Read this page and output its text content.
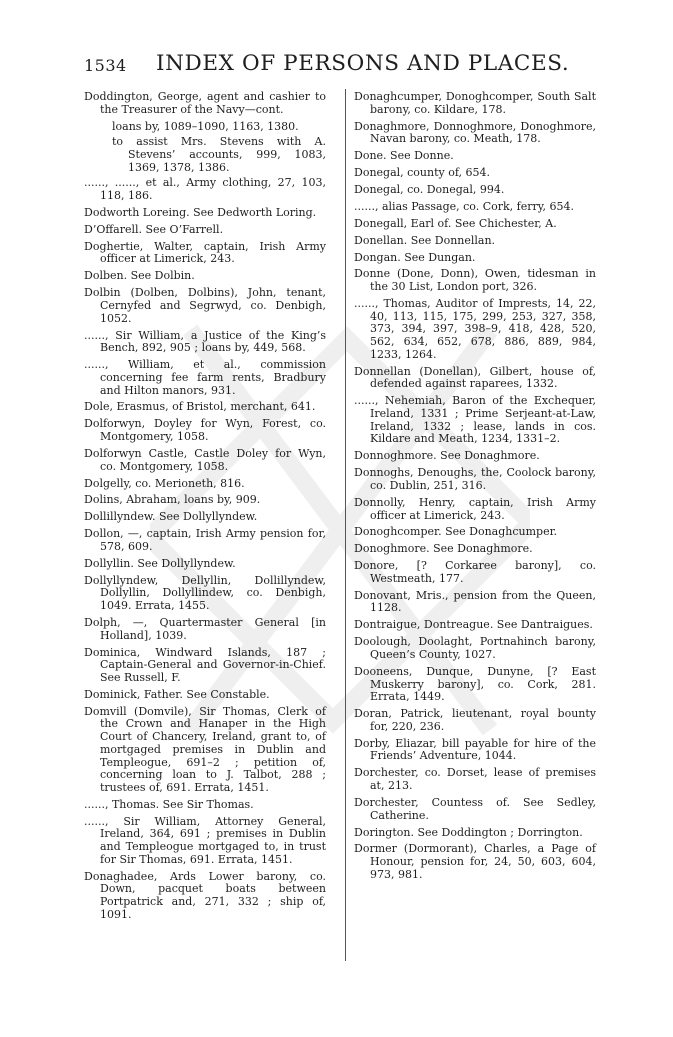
1534 INDEX OF PERSONS AND PLACES.
Doddington, George, agent and cashier to the Treasurer of the Navy—cont.
loans by, 1089–1090, 1163, 1380.
to assist Mrs. Stevens with A. Stevens’ accounts, 999, 1083, 1369, 1378, 1386.
......, ......, et al., Army clothing, 27, 103, 118, 186.
Dodworth Loreing. See Dedworth Loring.
D’Offarell. See O’Farrell.
Doghertie, Walter, captain, Irish Army officer at Limerick, 243.
Dolben. See Dolbin.
Dolbin (Dolben, Dolbins), John, tenant, Cernyfed and Segrwyd, co. Denbigh, 1052.
......, Sir William, a Justice of the King’s Bench, 892, 905 ; loans by, 449, 568.
......, William, et al., commission concerning fee farm rents, Bradbury and Hilton manors, 931.
Dole, Erasmus, of Bristol, merchant, 641.
Dolforwyn, Doyley for Wyn, Forest, co. Montgomery, 1058.
Dolforwyn Castle, Castle Doley for Wyn, co. Montgomery, 1058.
Dolgelly, co. Merioneth, 816.
Dolins, Abraham, loans by, 909.
Dollillyndew. See Dollyllyndew.
Dollon, —, captain, Irish Army pension for, 578, 609.
Dollyllin. See Dollyllyndew.
Dollyllyndew, Dellyllin, Dollillyndew, Dollyllin, Dollyllindew, co. Denbigh, 1049. Errata, 1455.
Dolph, —, Quartermaster General [in Holland], 1039.
Dominica, Windward Islands, 187 ; Captain-General and Governor-in-Chief. See Russell, F.
Dominick, Father. See Constable.
Domvill (Domvile), Sir Thomas, Clerk of the Crown and Hanaper in the High Court of Chancery, Ireland, grant to, of mortgaged premises in Dublin and Templeogue, 691–2 ; petition of, concerning loan to J. Talbot, 288 ; trustees of, 691. Errata, 1451.
......, Thomas. See Sir Thomas.
......, Sir William, Attorney General, Ireland, 364, 691 ; premises in Dublin and Templeogue mortgaged to, in trust for Sir Thomas, 691. Errata, 1451.
Donaghadee, Ards Lower barony, co. Down, pacquet boats between Portpatrick and, 271, 332 ; ship of, 1091.
Donaghcumper, Donoghcomper, South Salt barony, co. Kildare, 178.
Donaghmore, Donnoghmore, Donoghmore, Navan barony, co. Meath, 178.
Done. See Donne.
Donegal, county of, 654.
Donegal, co. Donegal, 994.
......, alias Passage, co. Cork, ferry, 654.
Donegall, Earl of. See Chichester, A.
Donellan. See Donnellan.
Dongan. See Dungan.
Donne (Done, Donn), Owen, tidesman in the 30 List, London port, 326.
......, Thomas, Auditor of Imprests, 14, 22, 40, 113, 115, 175, 299, 253, 327, 358, 373, 394, 397, 398–9, 418, 428, 520, 562, 634, 652, 678, 886, 889, 984, 1233, 1264.
Donnellan (Donellan), Gilbert, house of, defended against raparees, 1332.
......, Nehemiah, Baron of the Exchequer, Ireland, 1331 ; Prime Serjeant-at-Law, Ireland, 1332 ; lease, lands in cos. Kildare and Meath, 1234, 1331–2.
Donnoghmore. See Donaghmore.
Donnoghs, Denoughs, the, Coolock barony, co. Dublin, 251, 316.
Donnolly, Henry, captain, Irish Army officer at Limerick, 243.
Donoghcomper. See Donaghcumper.
Donoghmore. See Donaghmore.
Donore, [? Corkaree barony], co. Westmeath, 177.
Donovant, Mris., pension from the Queen, 1128.
Dontraigue, Dontreague. See Dantraigues.
Doolough, Doolaght, Portnahinch barony, Queen’s County, 1027.
Dooneens, Dunque, Dunyne, [? East Muskerry barony], co. Cork, 281. Errata, 1449.
Doran, Patrick, lieutenant, royal bounty for, 220, 236.
Dorby, Eliazar, bill payable for hire of the Friends’ Adventure, 1044.
Dorchester, co. Dorset, lease of premises at, 213.
Dorchester, Countess of. See Sedley, Catherine.
Dorington. See Doddington ; Dorrington.
Dormer (Dormorant), Charles, a Page of Honour, pension for, 24, 50, 603, 604, 973, 981.
